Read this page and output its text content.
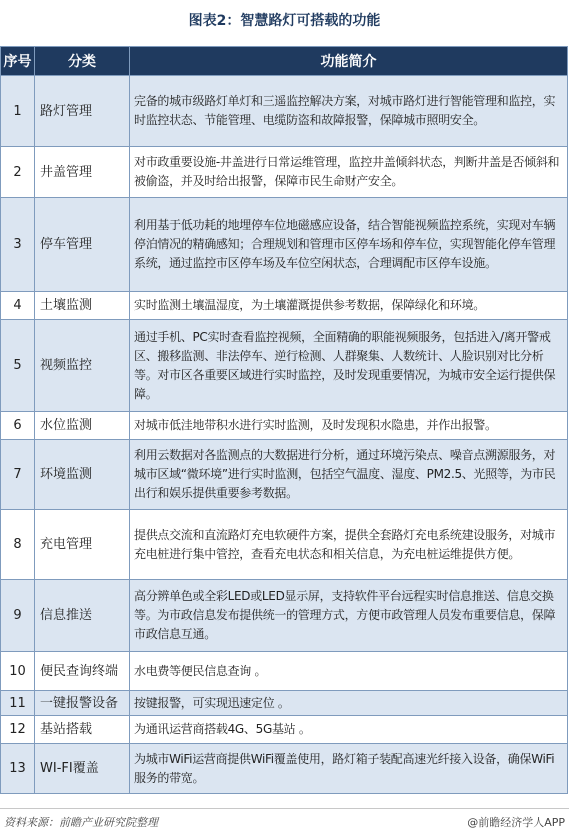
图表2：智慧路灯可搭载的功能
序号	分类	功能简介
1	路灯管理	完备的城市级路灯单灯和三遥监控解决方案，对城市路灯进行智能管理和监控，实时监控状态、节能管理、电缆防盗和故障报警，保障城市照明安全。
2	井盖管理	对市政重要设施-井盖进行日常运维管理，监控井盖倾斜状态，判断井盖是否倾斜和被偷盗，并及时给出报警，保障市民生命财产安全。
3	停车管理	利用基于低功耗的地埋停车位地磁感应设备，结合智能视频监控系统，实现对车辆停泊情况的精确感知；合理规划和管理市区停车场和停车位，实现智能化停车管理系统，通过监控市区停车场及车位空闲状态，合理调配市区停车设施。
4	土壤监测	实时监测土壤温湿度，为土壤灌溉提供参考数据，保障绿化和环境。
5	视频监控	通过手机、PC实时查看监控视频，全面精确的职能视频服务，包括进入/离开警戒区、搬移监测、非法停车、逆行检测、人群聚集、人数统计、人脸识别对比分析等。对市区各重要区域进行实时监控，及时发现重要情况，为城市安全运行提供保障。
6	水位监测	对城市低洼地带积水进行实时监测，及时发现积水隐患，并作出报警。
7	环境监测	利用云数据对各监测点的大数据进行分析，通过环境污染点、噪音点溯源服务，对城市区域“微环境”进行实时监测，包括空气温度、湿度、PM2.5、光照等，为市民出行和娱乐提供重要参考数据。
8	充电管理	提供点交流和直流路灯充电软硬件方案，提供全套路灯充电系统建设服务，对城市充电桩进行集中管控，查看充电状态和相关信息，为充电桩运维提供方便。
9	信息推送	高分辨单色或全彩LED或LED显示屏，支持软件平台远程实时信息推送、信息交换等。为市政信息发布提供统一的管理方式，方便市政管理人员发布重要信息，保障市政信息互通。
10	便民查询终端	水电费等便民信息查询 。
11	一键报警设备	按键报警，可实现迅速定位 。
12	基站搭载	为通讯运营商搭载4G、5G基站 。
13	WI-FI覆盖	为城市WiFi运营商提供WiFi覆盖使用，路灯箱子装配高速光纤接入设备，确保WiFi服务的带宽。
资料来源：前瞻产业研究院整理	@前瞻经济学人APP
